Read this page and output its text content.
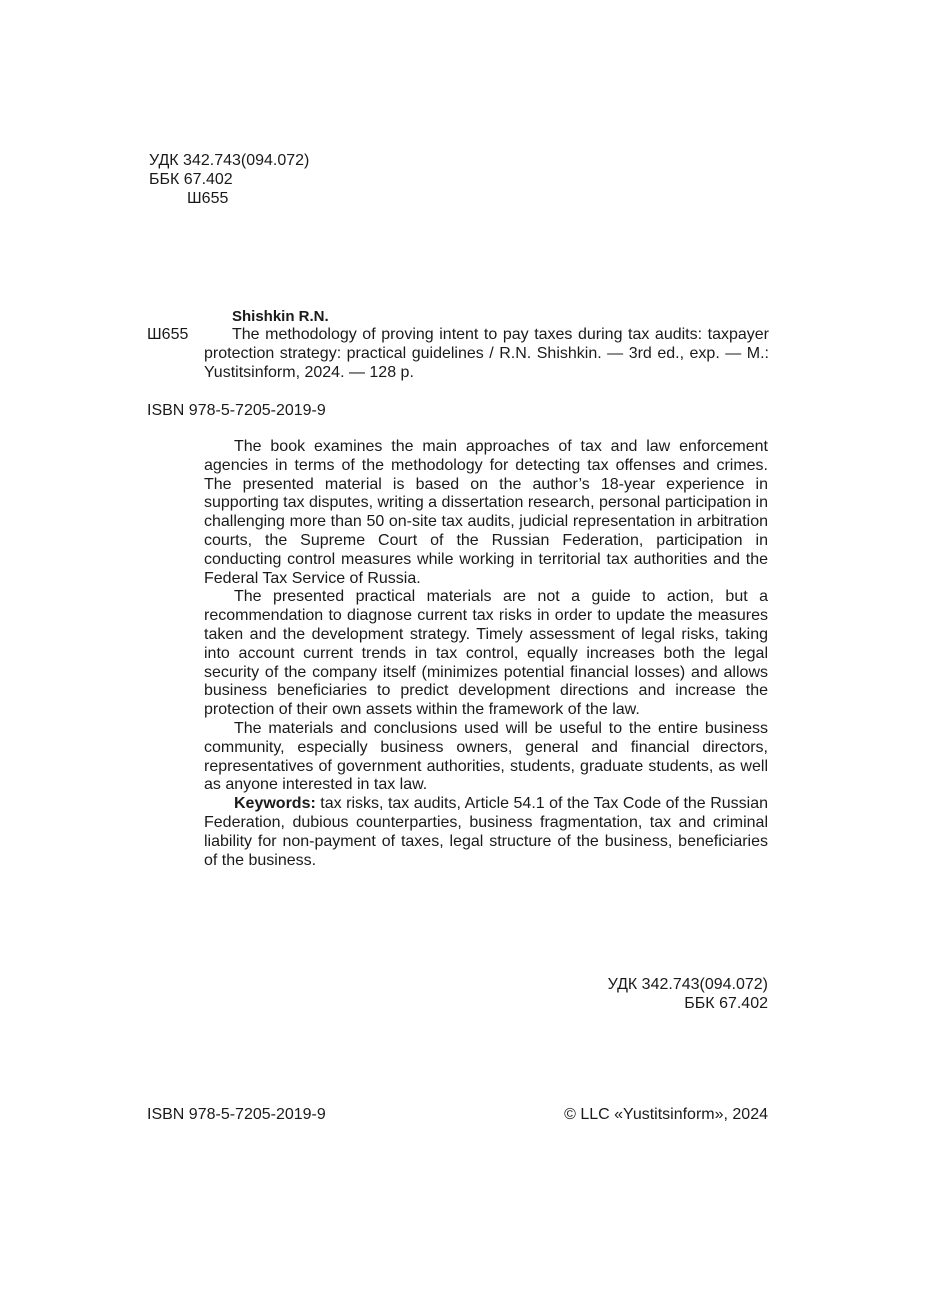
УДК 342.743(094.072)
ББК 67.402
Ш655
Shishkin R.N.
Ш655	The methodology of proving intent to pay taxes during tax audits: taxpayer protection strategy: practical guidelines / R.N. Shishkin. — 3rd ed., exp. — M.: Yustitsinform, 2024. — 128 p.
ISBN 978-5-7205-2019-9

The book examines the main approaches of tax and law enforcement agencies in terms of the methodology for detecting tax offenses and crimes. The presented material is based on the author’s 18-year experience in supporting tax disputes, writing a dissertation research, personal participation in challenging more than 50 on-site tax audits, judicial representation in arbitration courts, the Supreme Court of the Russian Federation, participation in conducting control measures while working in territorial tax authorities and the Federal Tax Service of Russia.

The presented practical materials are not a guide to action, but a recommendation to diagnose current tax risks in order to update the measures taken and the development strategy. Timely assessment of legal risks, taking into account current trends in tax control, equally increases both the legal security of the company itself (minimizes potential financial losses) and allows business beneficiaries to predict development directions and increase the protection of their own assets within the framework of the law.

The materials and conclusions used will be useful to the entire business community, especially business owners, general and financial directors, representatives of government authorities, students, graduate students, as well as anyone interested in tax law.

Keywords: tax risks, tax audits, Article 54.1 of the Tax Code of the Russian Federation, dubious counterparties, business fragmentation, tax and criminal liability for non-payment of taxes, legal structure of the business, beneficiaries of the business.

УДК 342.743(094.072)
ББК 67.402
ISBN 978-5-7205-2019-9	© LLC «Yustitsinform», 2024
